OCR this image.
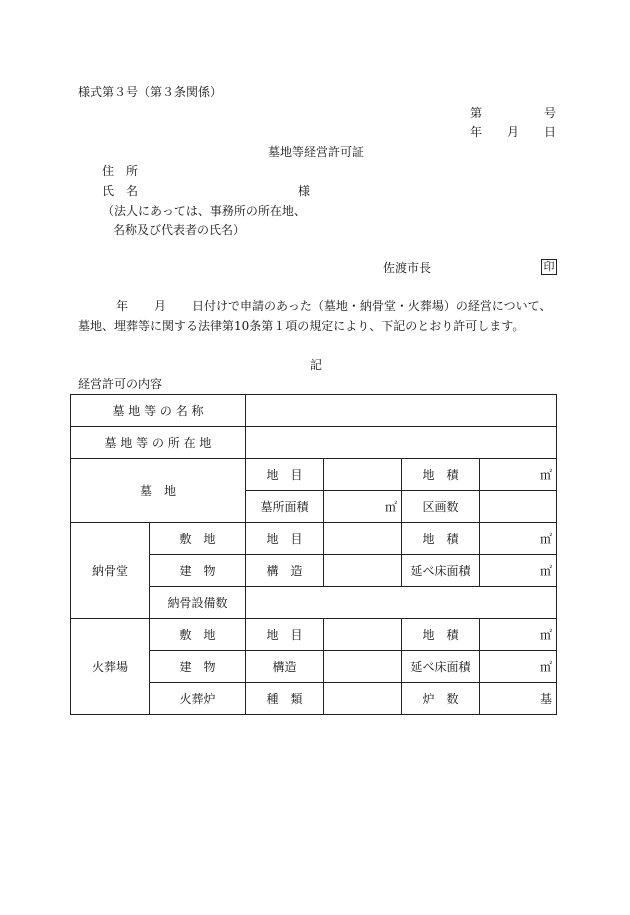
様式第３号（第３条関係）
第	号
年 月 日
墓地等経営許可証
住　所
氏　名	様
（法人にあっては、事務所の所在地、
名称及び代表者の氏名）
佐渡市長	印
年 月 日付けで申請のあった（墓地・納骨堂・火葬場）の経営について、
墓地、埋葬等に関する法律第10条第１項の規定により、下記のとおり許可します。
記
経営許可の内容
墓 地 等 の 名 称					
墓 地 等 の 所 在 地					
墓　地		地　目		地　積	㎡
		墓所面積	㎡	区画数	
納骨堂	敷　地	地　目		地　積	㎡
	建　物	構　造		延べ床面積	㎡
	納骨設備数				
火葬場	敷　地	地　目		地　積	㎡
	建　物	構造		延べ床面積	㎡
	火葬炉	種　類		炉　数	基
